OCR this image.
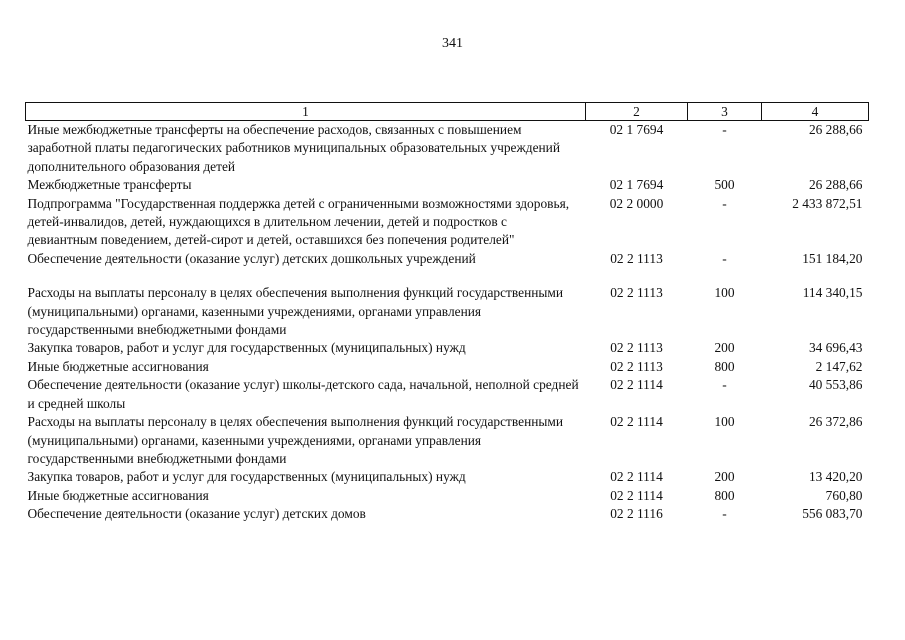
341
1	2	3	4
Иные межбюджетные трансферты на обеспечение расходов, связанных с повышением заработной платы педагогических работников муниципальных образовательных учреждений дополнительного образования детей	02 1 7694	-	26 288,66
Межбюджетные трансферты	02 1 7694	500	26 288,66
Подпрограмма "Государственная поддержка детей с ограниченными возможностями здоровья, детей-инвалидов, детей, нуждающихся в длительном лечении, детей и подростков с девиантным поведением, детей-сирот и детей, оставшихся без попечения родителей"	02 2 0000	-	2 433 872,51
Обеспечение деятельности (оказание услуг) детских дошкольных учреждений	02 2 1113	-	151 184,20
Расходы на выплаты персоналу в целях обеспечения выполнения функций государственными (муниципальными) органами, казенными учреждениями, органами управления государственными внебюджетными фондами	02 2 1113	100	114 340,15
Закупка товаров, работ и услуг для государственных (муниципальных) нужд	02 2 1113	200	34 696,43
Иные бюджетные ассигнования	02 2 1113	800	2 147,62
Обеспечение деятельности (оказание услуг) школы-детского сада, начальной, неполной средней и средней школы	02 2 1114	-	40 553,86
Расходы на выплаты персоналу в целях обеспечения выполнения функций государственными (муниципальными) органами, казенными учреждениями, органами управления государственными внебюджетными фондами	02 2 1114	100	26 372,86
Закупка товаров, работ и услуг для государственных (муниципальных) нужд	02 2 1114	200	13 420,20
Иные бюджетные ассигнования	02 2 1114	800	760,80
Обеспечение деятельности (оказание услуг) детских домов	02 2 1116	-	556 083,70
